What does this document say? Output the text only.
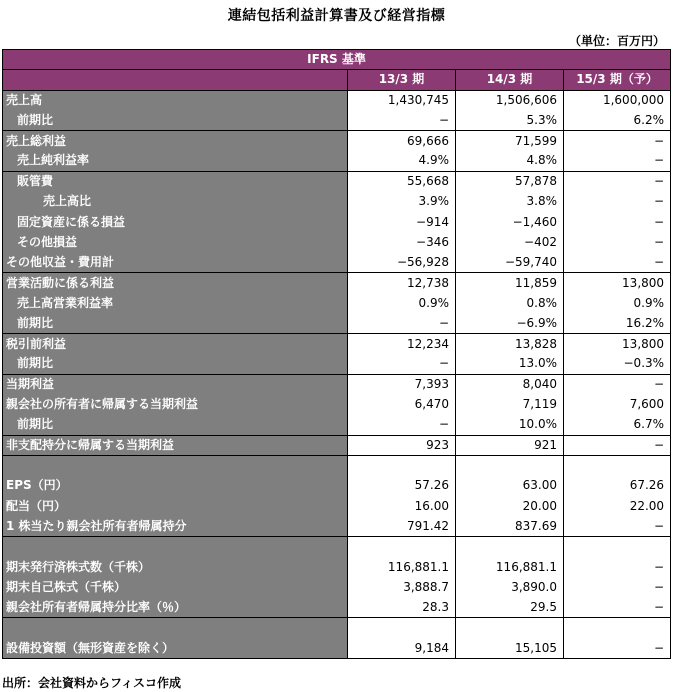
連結包括利益計算書及び経営指標
（単位：百万円）
IFRS 基準			
	13/3 期	14/3 期	15/3 期（予）
売上高	1,430,745	1,506,606	1,600,000
前期比	−	5.3%	6.2%
売上総利益	69,666	71,599	−
売上純利益率	4.9%	4.8%	−
販管費	55,668	57,878	−
売上高比	3.9%	3.8%	−
固定資産に係る損益	−914	−1,460	−
その他損益	−346	−402	−
その他収益・費用計	−56,928	−59,740	−
営業活動に係る利益	12,738	11,859	13,800
売上高営業利益率	0.9%	0.8%	0.9%
前期比	−	−6.9%	16.2%
税引前利益	12,234	13,828	13,800
前期比	−	13.0%	−0.3%
当期利益	7,393	8,040	−
親会社の所有者に帰属する当期利益	6,470	7,119	7,600
前期比	−	10.0%	6.7%
非支配持分に帰属する当期利益	923	921	−

EPS（円）	57.26	63.00	67.26
配当（円）	16.00	20.00	22.00
1 株当たり親会社所有者帰属持分	791.42	837.69	−

期末発行済株式数（千株）	116,881.1	116,881.1	−
期末自己株式（千株）	3,888.7	3,890.0	−
親会社所有者帰属持分比率（％）	28.3	29.5	−

設備投資額（無形資産を除く）	9,184	15,105	−
出所：会社資料からフィスコ作成
